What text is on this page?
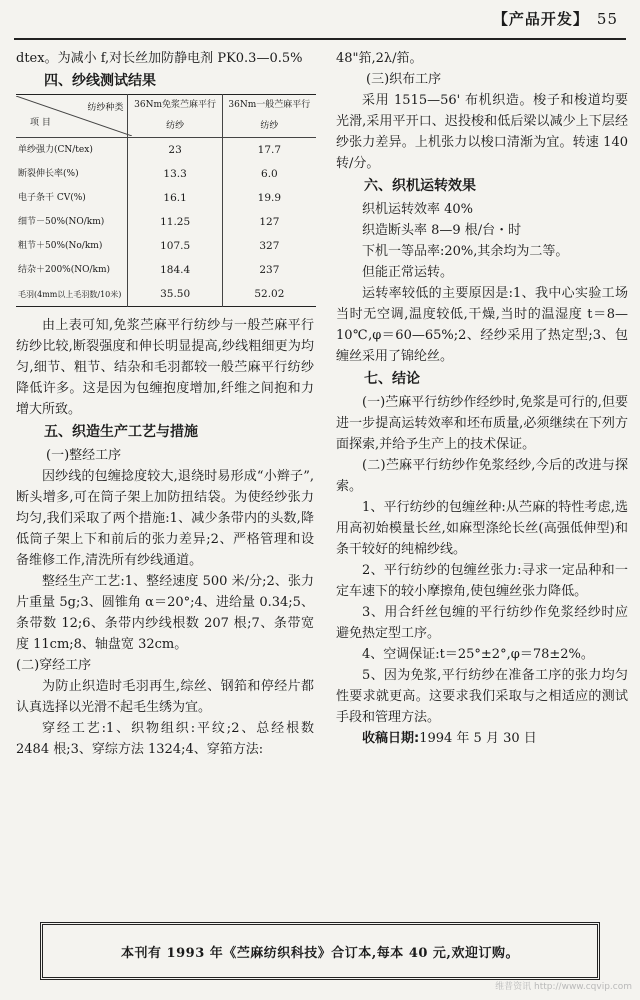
【产品开发】 55

dtex。为减小 f,对长丝加防静电剂 PK0.3—0.5%

四、纱线测试结果
纺纱种类
项 目	36Nm免浆苎麻平行纺纱	36Nm一般苎麻平行纺纱
单纱强力(CN/tex)	23	17.7
断裂伸长率(%)	13.3	6.0
电子条干 CV(%)	16.1	19.9
细节－50%(NO/km)	11.25	127
粗节＋50%(No/km)	107.5	327
结杂＋200%(NO/km)	184.4	237
毛羽(4mm以上毛羽数/10米)	35.50	52.02

由上表可知,免浆苎麻平行纺纱与一般苎麻平行纺纱比较,断裂强度和伸长明显提高,纱线粗细更为均匀,细节、粗节、结杂和毛羽都较一般苎麻平行纺纱降低许多。这是因为包缠抱度增加,纤维之间抱和力增大所致。

五、织造生产工艺与措施
(一)整经工序

因纱线的包缠捻度较大,退绕时易形成“小辫子”,断头增多,可在筒子架上加防扭结袋。为使经纱张力均匀,我们采取了两个措施:1、减少条带内的头数,降低筒子架上下和前后的张力差异;2、严格管理和设备维修工作,清洗所有纱线通道。

整经生产工艺:1、整经速度 500 米/分;2、张力片重量 5g;3、圆锥角 α＝20°;4、进给量 0.34;5、条带数 12;6、条带内纱线根数 207 根;7、条带宽度 11cm;8、轴盘宽 32cm。

(二)穿经工序

为防止织造时毛羽再生,综丝、钢筘和停经片都认真选择以光滑不起毛生绣为宜。

穿经工艺:1、织物组织:平纹;2、总经根数 2484 根;3、穿综方法 1324;4、穿筘方法:

48"筘,2λ/筘。

(三)织布工序

采用 1515—56' 布机织造。梭子和梭道均要光滑,采用平开口、迟投梭和低后梁以减少上下层经纱张力差异。上机张力以梭口清渐为宜。转速 140 转/分。

六、织机运转效果

织机运转效率 40%

织造断头率 8—9 根/台・时

下机一等品率:20%,其余均为二等。

但能正常运转。

运转率较低的主要原因是:1、我中心实验工场当时无空调,温度较低,干燥,当时的温湿度 t＝8—10℃,φ＝60—65%;2、经纱采用了热定型;3、包缠丝采用了锦纶丝。

七、结论

(一)苎麻平行纺纱作经纱时,免浆是可行的,但要进一步提高运转效率和坯布质量,必须继续在下列方面探索,并给予生产上的技术保证。

(二)苎麻平行纺纱作免浆经纱,今后的改进与探索。

1、平行纺纱的包缠丝种:从苎麻的特性考虑,选用高初始模量长丝,如麻型涤纶长丝(高强低伸型)和条干较好的纯棉纱线。

2、平行纺纱的包缠丝张力:寻求一定品种和一定车速下的较小摩擦角,使包缠丝张力降低。

3、用合纤丝包缠的平行纺纱作免浆经纱时应避免热定型工序。

4、空调保证:t＝25°±2°,φ＝78±2%。

5、因为免浆,平行纺纱在准备工序的张力均匀性要求就更高。这要求我们采取与之相适应的测试手段和管理方法。

收稿日期:1994 年 5 月 30 日

本刊有 1993 年《苎麻纺织科技》合订本,每本 40 元,欢迎订购。
维普资讯 http://www.cqvip.com
